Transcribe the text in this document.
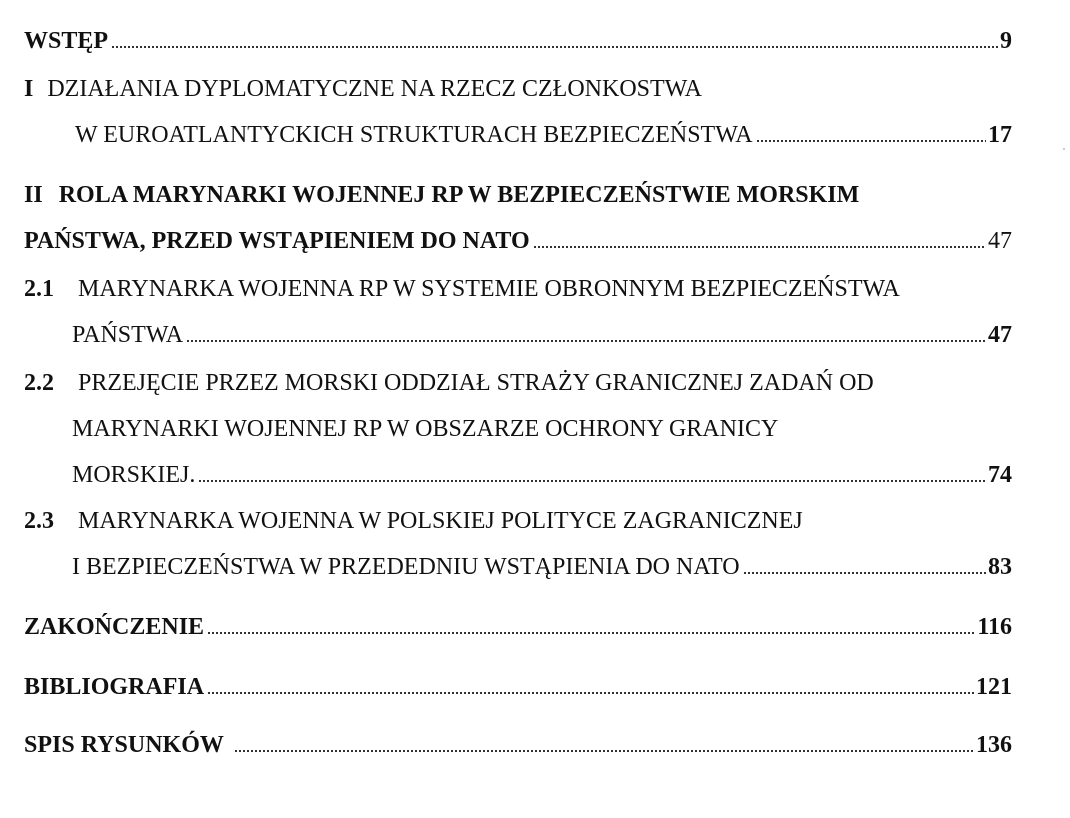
WSTĘP	9
I DZIAŁANIA DYPLOMATYCZNE NA RZECZ CZŁONKOSTWA
W EUROATLANTYCKICH STRUKTURACH BEZPIECZEŃSTWA	17
II ROLA MARYNARKI WOJENNEJ RP W BEZPIECZEŃSTWIE MORSKIM
PAŃSTWA, PRZED WSTĄPIENIEM DO NATO	47
2.1 MARYNARKA WOJENNA RP W SYSTEMIE OBRONNYM BEZPIECZEŃSTWA
PAŃSTWA	47
2.2 PRZEJĘCIE PRZEZ MORSKI ODDZIAŁ STRAŻY GRANICZNEJ ZADAŃ OD
MARYNARKI WOJENNEJ RP W OBSZARZE OCHRONY GRANICY
MORSKIEJ.	74
2.3 MARYNARKA WOJENNA W POLSKIEJ POLITYCE ZAGRANICZNEJ
I BEZPIECZEŃSTWA W PRZEDEDNIU WSTĄPIENIA DO NATO	83
ZAKOŃCZENIE	116
BIBLIOGRAFIA	121
SPIS RYSUNKÓW	136
